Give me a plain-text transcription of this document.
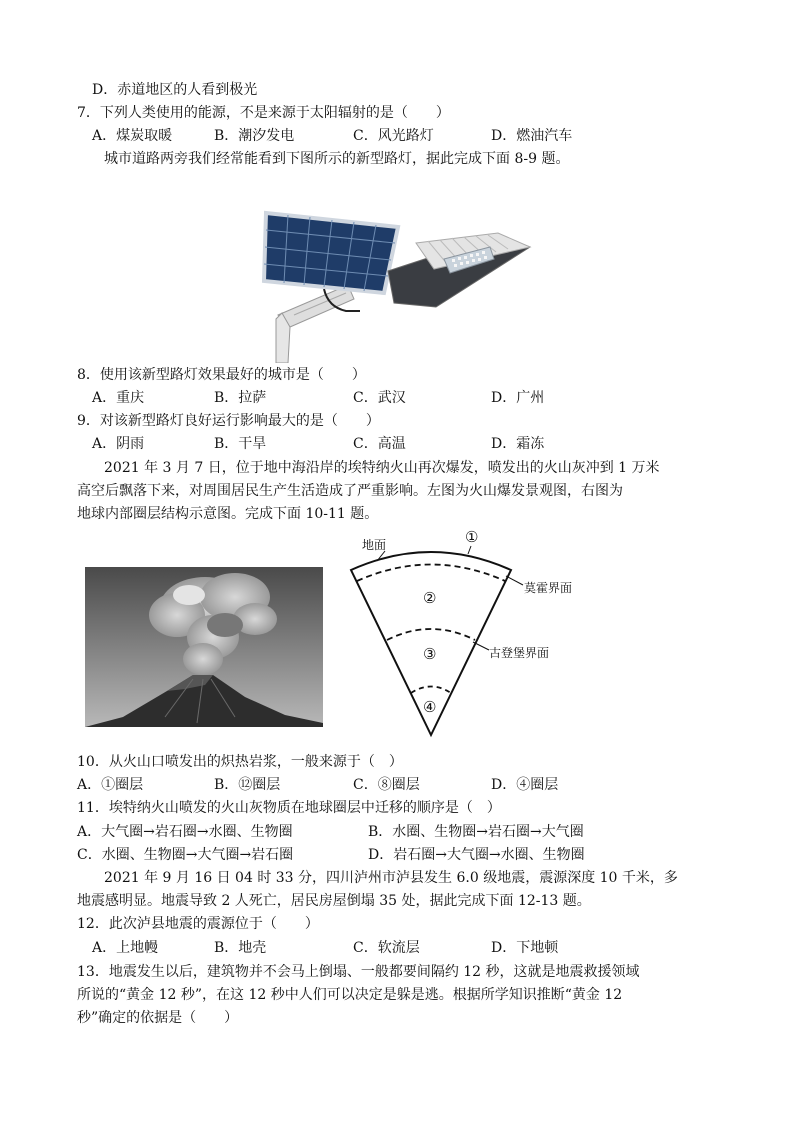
D．赤道地区的人看到极光
7．下列人类使用的能源，不是来源于太阳辐射的是（　　）
A．煤炭取暖	B．潮汐发电	C．风光路灯	D．燃油汽车
城市道路两旁我们经常能看到下图所示的新型路灯，据此完成下面 8-9 题。
8．使用该新型路灯效果最好的城市是（　　）
A．重庆	B．拉萨	C．武汉	D．广州
9．对该新型路灯良好运行影响最大的是（　　）
A．阴雨	B．干旱	C．高温	D．霜冻
2021 年 3 月 7 日，位于地中海沿岸的埃特纳火山再次爆发，喷发出的火山灰冲到 1 万米
高空后飘落下来，对周围居民生产生活造成了严重影响。左图为火山爆发景观图，右图为
地球内部圈层结构示意图。完成下面 10-11 题。
地面	①
莫霍界面
②
③	古登堡界面
④
10．从火山口喷发出的炽热岩浆，一般来源于（　）
A．①圈层	B．⑫圈层	C．⑧圈层	D．④圈层
11．埃特纳火山喷发的火山灰物质在地球圈层中迁移的顺序是（　）
A．大气圈→岩石圈→水圈、生物圈	B．水圈、生物圈→岩石圈→大气圈
C．水圈、生物圈→大气圈→岩石圈	D．岩石圈→大气圈→水圈、生物圈
2021 年 9 月 16 日 04 时 33 分，四川泸州市泸县发生 6.0 级地震，震源深度 10 千米，多
地震感明显。地震导致 2 人死亡，居民房屋倒塌 35 处，据此完成下面 12-13 题。
12．此次泸县地震的震源位于（　　）
A．上地幔	B．地壳	C．软流层	D．下地顿
13．地震发生以后，建筑物并不会马上倒塌、一般都要间隔约 12 秒，这就是地震救援领域
所说的“黄金 12 秒”，在这 12 秒中人们可以决定是躲是逃。根据所学知识推断“黄金 12
秒”确定的依据是（　　）
